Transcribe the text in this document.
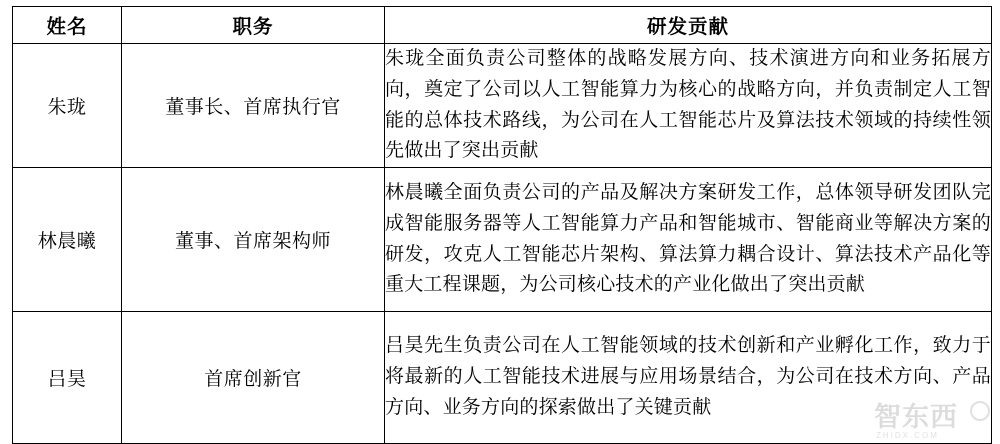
姓名	职务	研发贡献
朱珑	董事长、首席执行官	朱珑全面负责公司整体的战略发展方向、技术演进方向和业务拓展方向，奠定了公司以人工智能算力为核心的战略方向，并负责制定人工智能的总体技术路线，为公司在人工智能芯片及算法技术领域的持续性领先做出了突出贡献

林晨曦	董事、首席架构师	林晨曦全面负责公司的产品及解决方案研发工作，总体领导研发团队完成智能服务器等人工智能算力产品和智能城市、智能商业等解决方案的研发，攻克人工智能芯片架构、算法算力耦合设计、算法技术产品化等重大工程课题，为公司核心技术的产业化做出了突出贡献

吕昊	首席创新官	吕昊先生负责公司在人工智能领域的技术创新和产业孵化工作，致力于将最新的人工智能技术进展与应用场景结合，为公司在技术方向、产品方向、业务方向的探索做出了关键贡献	智东西
ZHIDX.COM
